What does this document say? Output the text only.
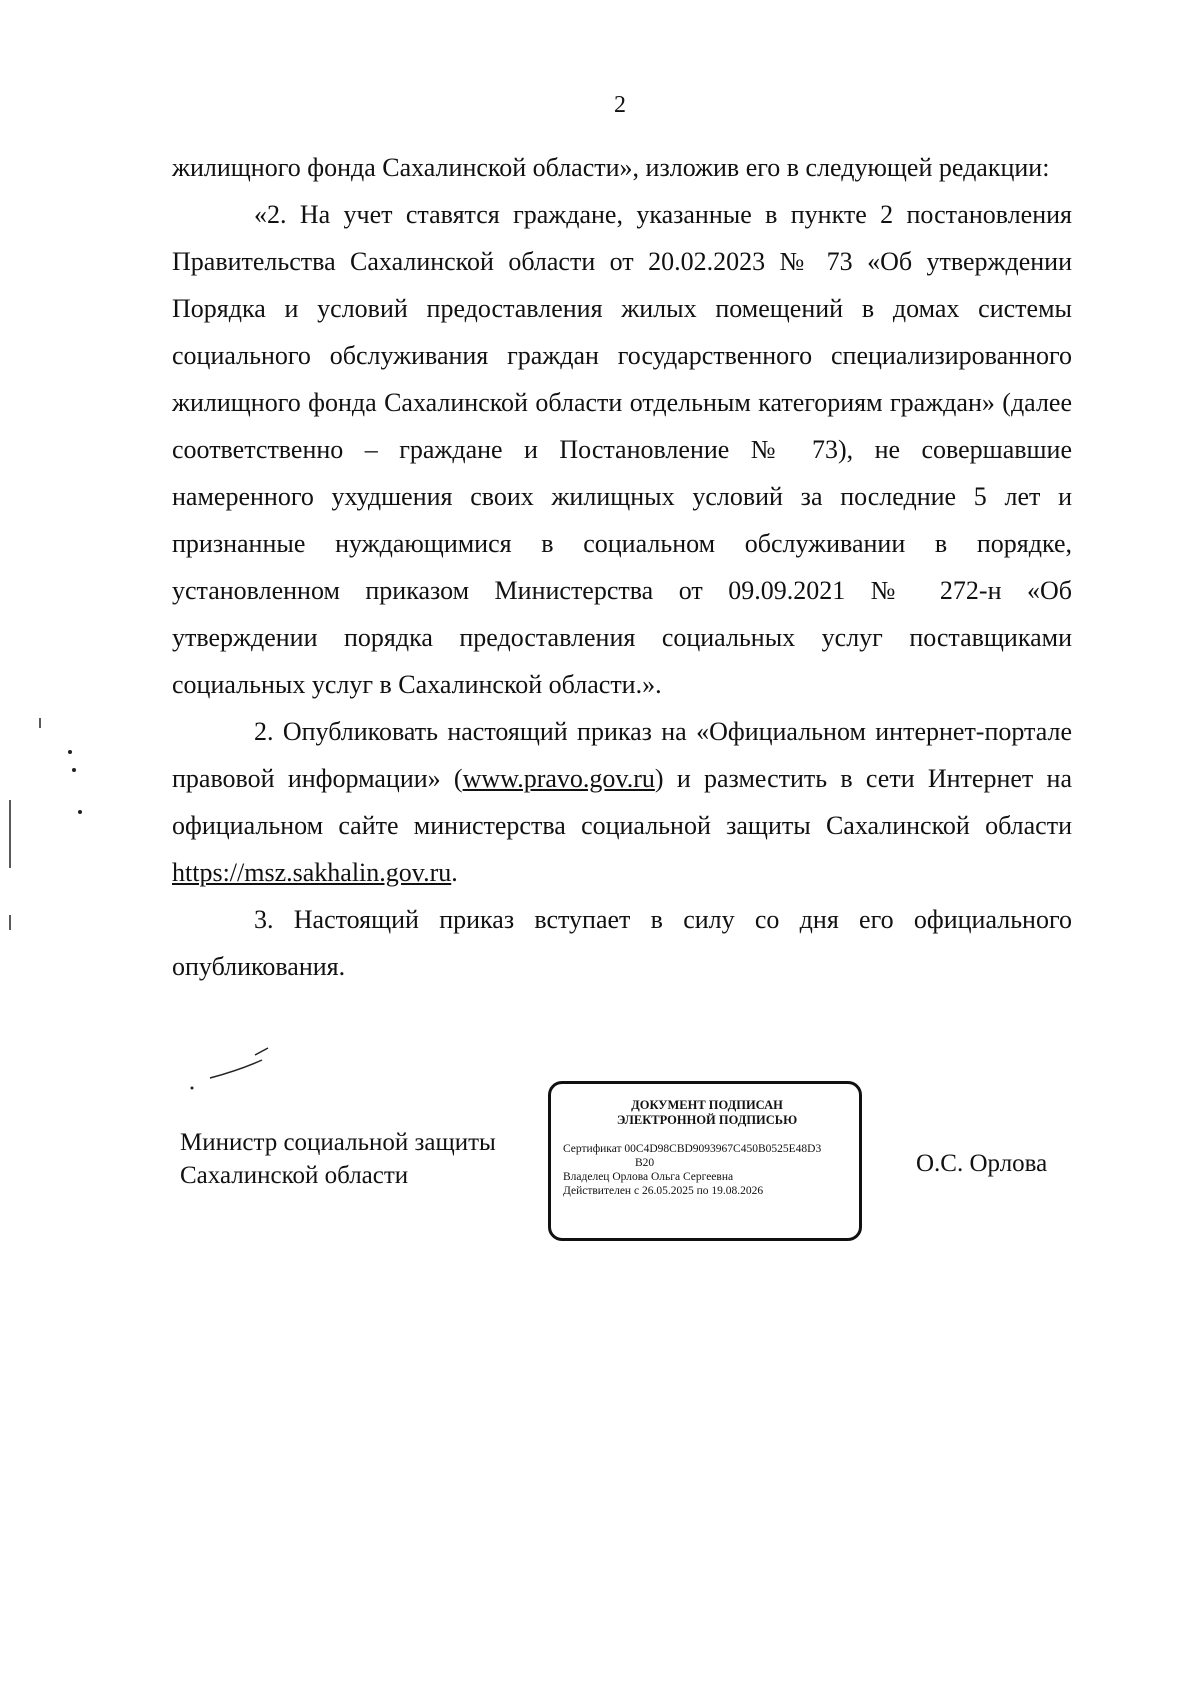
2

жилищного фонда Сахалинской области», изложив его в следующей редакции:

«2. На учет ставятся граждане, указанные в пункте 2 постановления Правительства Сахалинской области от 20.02.2023 № 73 «Об утверждении Порядка и условий предоставления жилых помещений в домах системы социального обслуживания граждан государственного специализированного жилищного фонда Сахалинской области отдельным категориям граждан» (далее соответственно – граждане и Постановление № 73), не совершавшие намеренного ухудшения своих жилищных условий за последние 5 лет и признанные нуждающимися в социальном обслуживании в порядке, установленном приказом Министерства от 09.09.2021 № 272-н «Об утверждении порядка предоставления социальных услуг поставщиками социальных услуг в Сахалинской области.».

2. Опубликовать настоящий приказ на «Официальном интернет-портале правовой информации» (www.pravo.gov.ru) и разместить в сети Интернет на официальном сайте министерства социальной защиты Сахалинской области https://msz.sakhalin.gov.ru.

3. Настоящий приказ вступает в силу со дня его официального опубликования.

Министр социальной защиты
Сахалинской области
ДОКУМЕНТ ПОДПИСАН
ЭЛЕКТРОННОЙ ПОДПИСЬЮ
Сертификат 00C4D98CBD9093967C450B0525E48D3
B20
Владелец Орлова Ольга Сергеевна
Действителен с 26.05.2025 по 19.08.2026
О.С. Орлова
